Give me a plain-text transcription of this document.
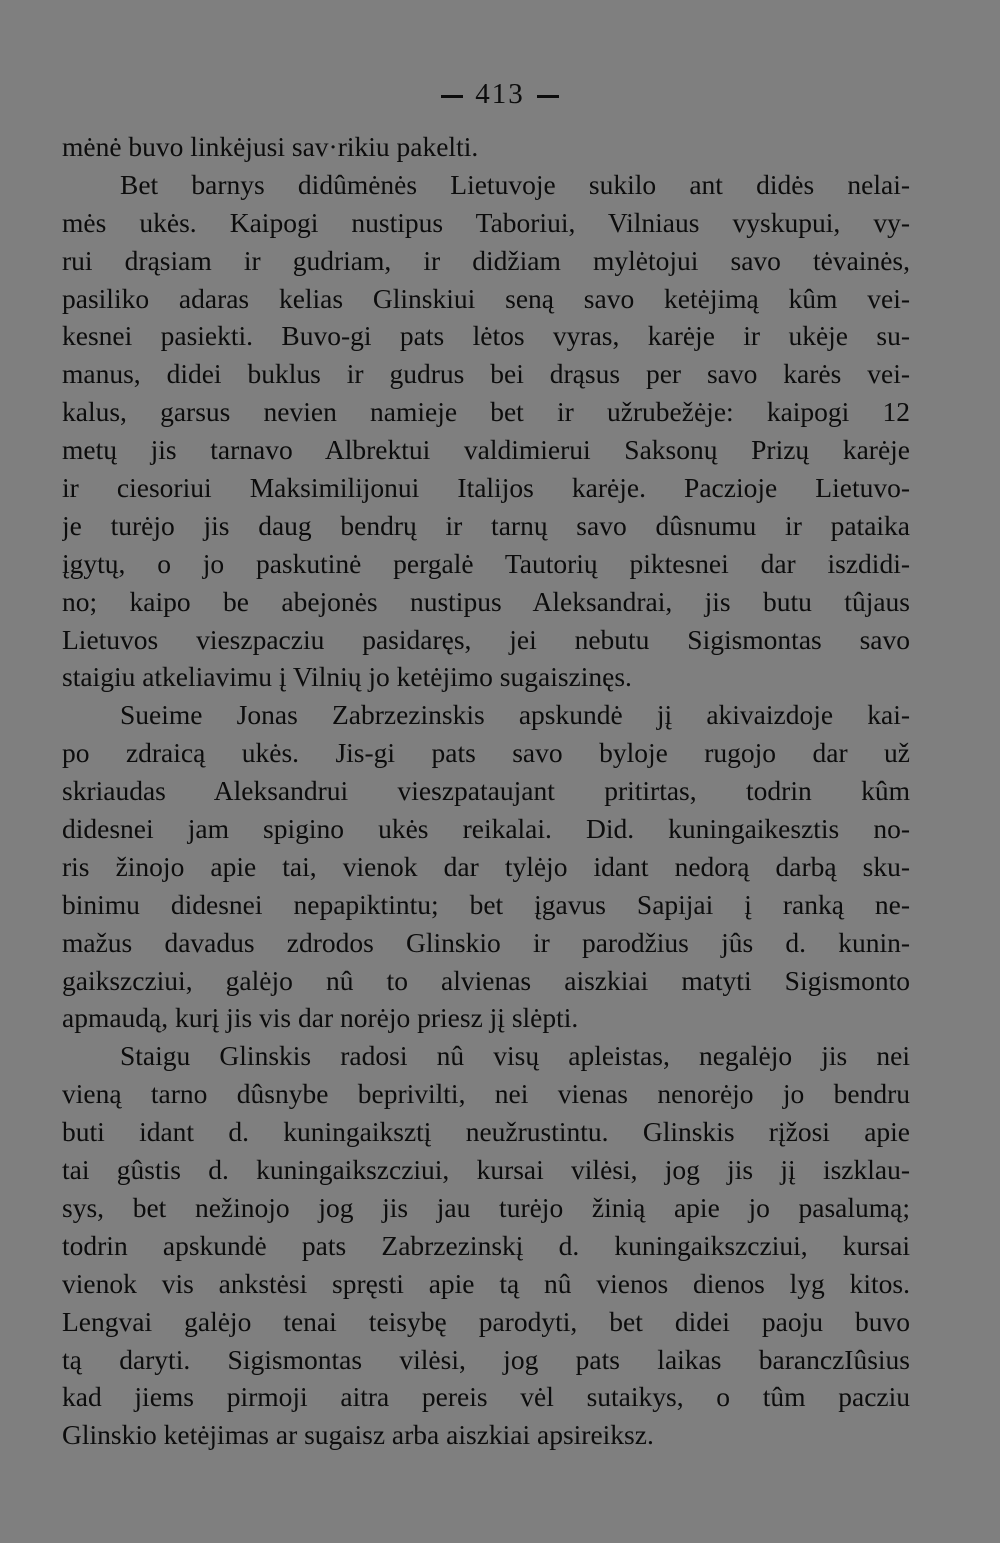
413
mėnė buvo linkėjusi sav·rikiu pakelti.
Bet barnys didûmėnės Lietuvoje sukilo ant didės nelai-
mės ukės. Kaipogi nustipus Taboriui, Vilniaus vyskupui, vy-
rui drąsiam ir gudriam, ir didžiam mylėtojui savo tėvainės,
pasiliko adaras kelias Glinskiui seną savo ketėjimą kûm vei-
kesnei pasiekti. Buvo-gi pats lėtos vyras, karėje ir ukėje su-
manus, didei buklus ir gudrus bei drąsus per savo karės vei-
kalus, garsus nevien namieje bet ir užrubežėje: kaipogi 12
metų jis tarnavo Albrektui valdimierui Saksonų Prizų karėje
ir ciesoriui Maksimilijonui Italijos karėje. Paczioje Lietuvo-
je turėjo jis daug bendrų ir tarnų savo dûsnumu ir pataika
įgytų, o jo paskutinė pergalė Tautorių piktesnei dar iszdidi-
no; kaipo be abejonės nustipus Aleksandrai, jis butu tûjaus
Lietuvos vieszpacziu pasidaręs, jei nebutu Sigismontas savo
staigiu atkeliavimu į Vilnių jo ketėjimo sugaiszinęs.
Sueime Jonas Zabrzezinskis apskundė jį akivaizdoje kai-
po zdraicą ukės. Jis-gi pats savo byloje rugojo dar už
skriaudas Aleksandrui vieszpataujant pritirtas, todrin kûm
didesnei jam spigino ukės reikalai. Did. kuningaikesztis no-
ris žinojo apie tai, vienok dar tylėjo idant nedorą darbą sku-
binimu didesnei nepapiktintu; bet įgavus Sapijai į ranką ne-
mažus davadus zdrodos Glinskio ir parodžius jûs d. kunin-
gaikszcziui, galėjo nû to alvienas aiszkiai matyti Sigismonto
apmaudą, kurį jis vis dar norėjo priesz jį slėpti.
Staigu Glinskis radosi nû visų apleistas, negalėjo jis nei
vieną tarno dûsnybe beprivilti, nei vienas nenorėjo jo bendru
buti idant d. kuningaiksztį neužrustintu. Glinskis rįžosi apie
tai gûstis d. kuningaikszcziui, kursai vilėsi, jog jis jį iszklau-
sys, bet nežinojo jog jis jau turėjo žinią apie jo pasalumą;
todrin apskundė pats Zabrzezinskį d. kuningaikszcziui, kursai
vienok vis ankstėsi spręsti apie tą nû vienos dienos lyg kitos.
Lengvai galėjo tenai teisybę parodyti, bet didei paoju buvo
tą daryti. Sigismontas vilėsi, jog pats laikas baranczIûsius
kad jiems pirmoji aitra pereis vėl sutaikys, o tûm pacziu
Glinskio ketėjimas ar sugaisz arba aiszkiai apsireiksz.
